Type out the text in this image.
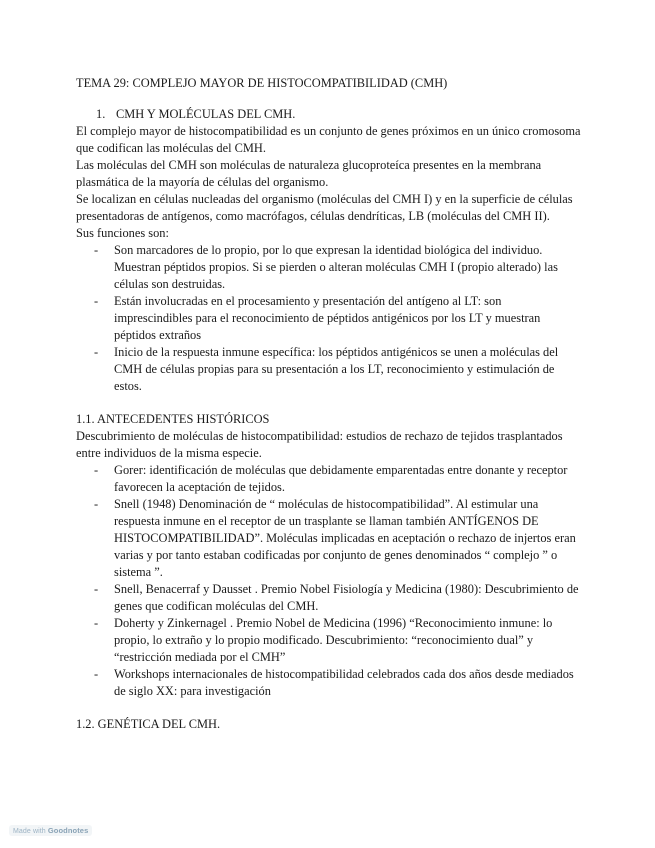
TEMA 29: COMPLEJO MAYOR DE HISTOCOMPATIBILIDAD (CMH)

1. CMH Y MOLÉCULAS DEL CMH.

El complejo mayor de histocompatibilidad es un conjunto de genes próximos en un único cromosoma que codifican las moléculas del CMH.

Las moléculas del CMH son moléculas de naturaleza glucoproteíca presentes en la membrana plasmática de la mayoría de células del organismo.

Se localizan en células nucleadas del organismo (moléculas del CMH I) y en la superficie de células presentadoras de antígenos, como macrófagos, células dendríticas, LB (moléculas del CMH II).

Sus funciones son:

- Son marcadores de lo propio, por lo que expresan la identidad biológica del individuo. Muestran péptidos propios. Si se pierden o alteran moléculas CMH I (propio alterado) las células son destruidas.
- Están involucradas en el procesamiento y presentación del antígeno al LT: son imprescindibles para el reconocimiento de péptidos antigénicos por los LT y muestran péptidos extraños
- Inicio de la respuesta inmune específica: los péptidos antigénicos se unen a moléculas del CMH de células propias para su presentación a los LT, reconocimiento y estimulación de estos.

1.1. ANTECEDENTES HISTÓRICOS

Descubrimiento de moléculas de histocompatibilidad: estudios de rechazo de tejidos trasplantados entre individuos de la misma especie.

- Gorer: identificación de moléculas que debidamente emparentadas entre donante y receptor favorecen la aceptación de tejidos.
- Snell (1948) Denominación de “ moléculas de histocompatibilidad”. Al estimular una respuesta inmune en el receptor de un trasplante se llaman también ANTÍGENOS DE HISTOCOMPATIBILIDAD”. Moléculas implicadas en aceptación o rechazo de injertos eran varias y por tanto estaban codificadas por conjunto de genes denominados “ complejo ” o sistema ”.
- Snell, Benacerraf y Dausset . Premio Nobel Fisiología y Medicina (1980): Descubrimiento de genes que codifican moléculas del CMH.
- Doherty y Zinkernagel . Premio Nobel de Medicina (1996) “Reconocimiento inmune: lo propio, lo extraño y lo propio modificado. Descubrimiento: “reconocimiento dual” y “restricción mediada por el CMH”
- Workshops internacionales de histocompatibilidad celebrados cada dos años desde mediados de siglo XX: para investigación

1.2. GENÉTICA DEL CMH.

Made with Goodnotes
